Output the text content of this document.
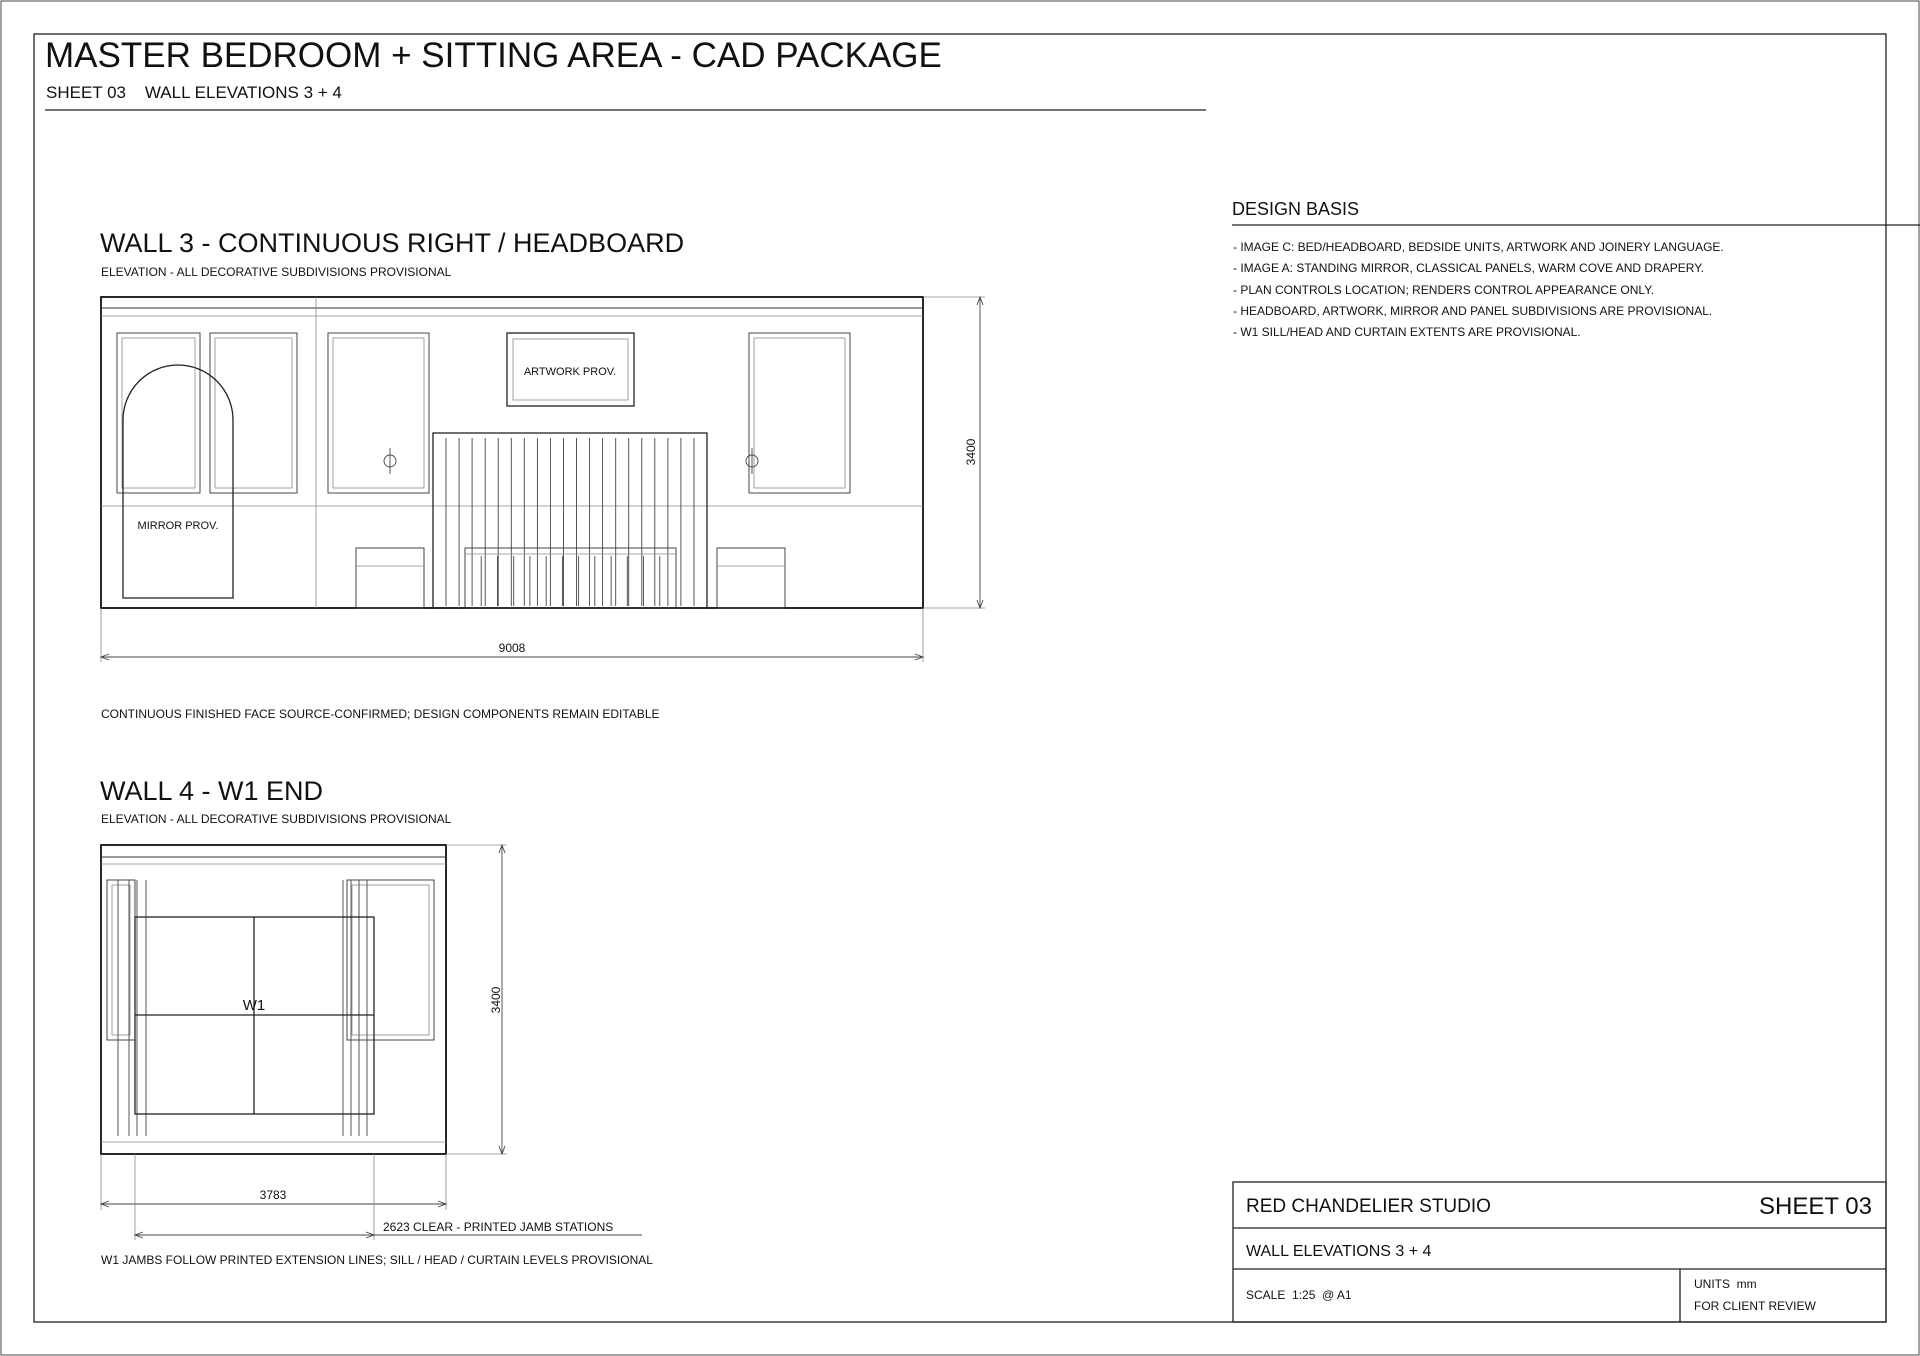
MASTER BEDROOM + SITTING AREA - CAD PACKAGE
SHEET 03    WALL ELEVATIONS 3 + 4
WALL 3 - CONTINUOUS RIGHT / HEADBOARD
ELEVATION - ALL DECORATIVE SUBDIVISIONS PROVISIONAL
MIRROR PROV.
ARTWORK PROV.
3400
9008
CONTINUOUS FINISHED FACE SOURCE-CONFIRMED; DESIGN COMPONENTS REMAIN EDITABLE
WALL 4 - W1 END
ELEVATION - ALL DECORATIVE SUBDIVISIONS PROVISIONAL
W1	3400
3783
2623 CLEAR - PRINTED JAMB STATIONS
W1 JAMBS FOLLOW PRINTED EXTENSION LINES; SILL / HEAD / CURTAIN LEVELS PROVISIONAL
DESIGN BASIS
- IMAGE C: BED/HEADBOARD, BEDSIDE UNITS, ARTWORK AND JOINERY LANGUAGE.
- IMAGE A: STANDING MIRROR, CLASSICAL PANELS, WARM COVE AND DRAPERY.
- PLAN CONTROLS LOCATION; RENDERS CONTROL APPEARANCE ONLY.
- HEADBOARD, ARTWORK, MIRROR AND PANEL SUBDIVISIONS ARE PROVISIONAL.
- W1 SILL/HEAD AND CURTAIN EXTENTS ARE PROVISIONAL.
RED CHANDELIER STUDIO	SHEET 03
WALL ELEVATIONS 3 + 4
SCALE  1:25  @ A1
UNITS  mm
FOR CLIENT REVIEW
